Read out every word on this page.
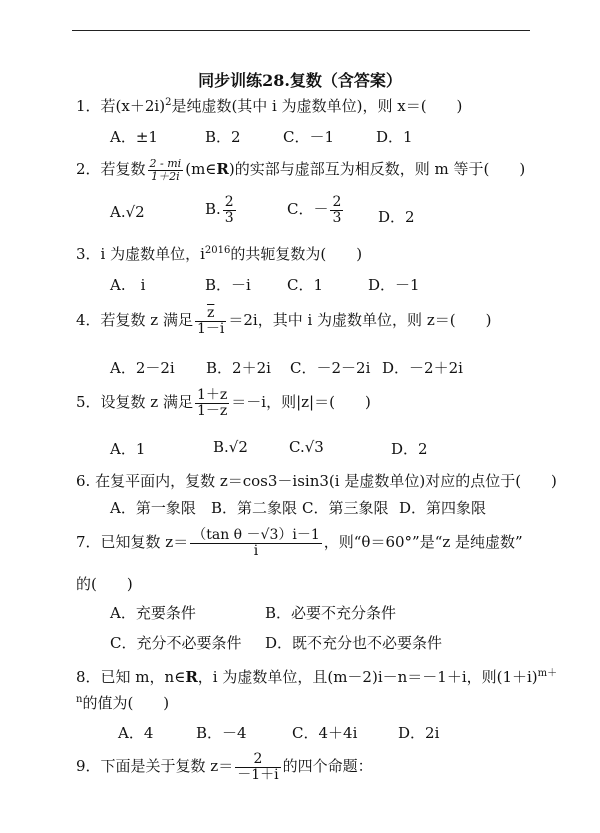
同步训练28.复数（含答案）
1．若$(x+2i)^2$是纯虚数(其中 i 为虚数单位)，则 x＝(　　)
A．±1	B．2	C．－1	D．1
2．若复数 $\frac{2 - mi}{1+2i}$ (m∈R)的实部与虚部互为相反数，则 m 等于(　　)
A.√2	B. $\frac{2}{3}$	C．－ $\frac{2}{3}$ D．2
3．i 为虚数单位，$i^{2016}$的共轭复数为(　　)
A.　i	B．－i C．1	D．－1
4．若复数 z 满足 $\frac{\overline{z}}{1-i} =2i$，其中 i 为虚数单位，则 z＝(　　)
A．2－2i B．2＋2i C．－2－2i D．－2＋2i
5．设复数 z 满足 $\frac{1+z}{1-z} =-i$，则|z|＝(　　)
A．1	B.√2	C.√3	D．2
6. 在复平面内，复数 z＝cos3－isin3(i 是虚数单位)对应的点位于(　　)
A．第一象限 B．第二象限 C．第三象限 D．第四象限
7．已知复数 $z= \frac{\text{（tan θ －√3）i－1}}{i}$ ，则“θ＝60°”是“z 是纯虚数”
的(　　)
A．充要条件	B．必要不充分条件
C．充分不必要条件 D．既不充分也不必要条件
8．已知 m，n∈R，i 为虚数单位，且(m－2)i－n＝－1＋i，则$(1+i)^{m+}$
$^n$的值为(　　)
A．4	B．－4	C．4＋4i	D．2i
9．下面是关于复数 $z= \frac{2}{-1+i}$ 的四个命题：
